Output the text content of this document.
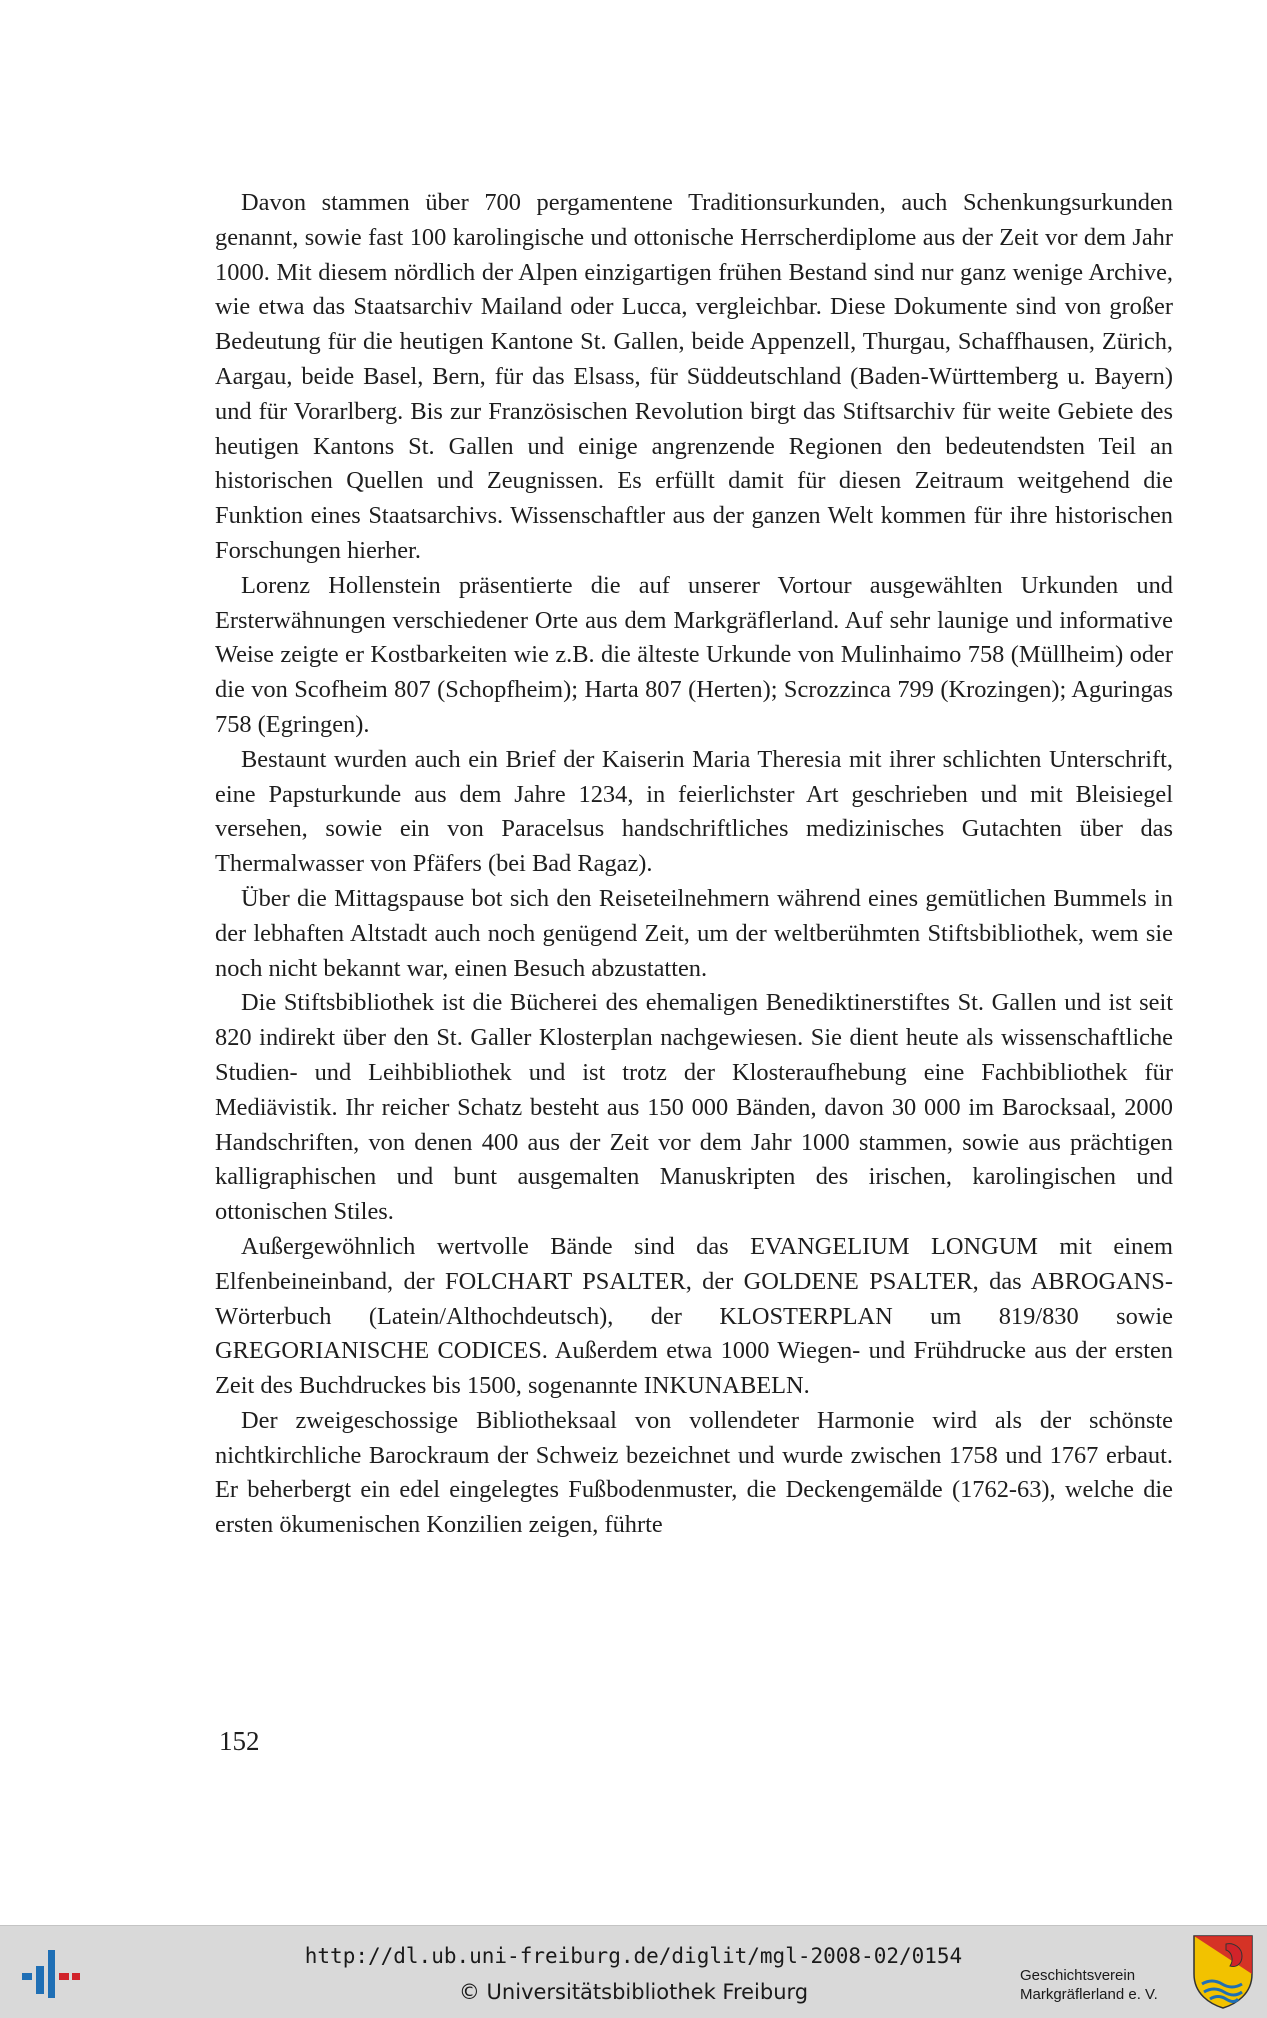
Davon stammen über 700 pergamentene Traditionsurkunden, auch Schenkungsurkunden genannt, sowie fast 100 karolingische und ottonische Herrscherdiplome aus der Zeit vor dem Jahr 1000. Mit diesem nördlich der Alpen einzigartigen frühen Bestand sind nur ganz wenige Archive, wie etwa das Staatsarchiv Mailand oder Lucca, vergleichbar. Diese Dokumente sind von großer Bedeutung für die heutigen Kantone St. Gallen, beide Appenzell, Thurgau, Schaffhausen, Zürich, Aargau, beide Basel, Bern, für das Elsass, für Süddeutschland (Baden-Württemberg u. Bayern) und für Vorarlberg. Bis zur Französischen Revolution birgt das Stiftsarchiv für weite Gebiete des heutigen Kantons St. Gallen und einige angrenzende Regionen den bedeutendsten Teil an historischen Quellen und Zeugnissen. Es erfüllt damit für diesen Zeitraum weitgehend die Funktion eines Staatsarchivs. Wissenschaftler aus der ganzen Welt kommen für ihre historischen Forschungen hierher.

Lorenz Hollenstein präsentierte die auf unserer Vortour ausgewählten Urkunden und Ersterwähnungen verschiedener Orte aus dem Markgräflerland. Auf sehr launige und informative Weise zeigte er Kostbarkeiten wie z.B. die älteste Urkunde von Mulinhaimo 758 (Müllheim) oder die von Scofheim 807 (Schopfheim); Harta 807 (Herten); Scrozzinca 799 (Krozingen); Aguringas 758 (Egringen).

Bestaunt wurden auch ein Brief der Kaiserin Maria Theresia mit ihrer schlichten Unterschrift, eine Papsturkunde aus dem Jahre 1234, in feierlichster Art geschrieben und mit Bleisiegel versehen, sowie ein von Paracelsus handschriftliches medizinisches Gutachten über das Thermalwasser von Pfäfers (bei Bad Ragaz).

Über die Mittagspause bot sich den Reiseteilnehmern während eines gemütlichen Bummels in der lebhaften Altstadt auch noch genügend Zeit, um der weltberühmten Stiftsbibliothek, wem sie noch nicht bekannt war, einen Besuch abzustatten.

Die Stiftsbibliothek ist die Bücherei des ehemaligen Benediktinerstiftes St. Gallen und ist seit 820 indirekt über den St. Galler Klosterplan nachgewiesen. Sie dient heute als wissenschaftliche Studien- und Leihbibliothek und ist trotz der Klosteraufhebung eine Fachbibliothek für Mediävistik. Ihr reicher Schatz besteht aus 150 000 Bänden, davon 30 000 im Barocksaal, 2000 Handschriften, von denen 400 aus der Zeit vor dem Jahr 1000 stammen, sowie aus prächtigen kalligraphischen und bunt ausgemalten Manuskripten des irischen, karolingischen und ottonischen Stiles.

Außergewöhnlich wertvolle Bände sind das EVANGELIUM LONGUM mit einem Elfenbeineinband, der FOLCHART PSALTER, der GOLDENE PSALTER, das ABROGANS-Wörterbuch (Latein/Althochdeutsch), der KLOSTERPLAN um 819/830 sowie GREGORIANISCHE CODICES. Außerdem etwa 1000 Wiegen- und Frühdrucke aus der ersten Zeit des Buchdruckes bis 1500, sogenannte INKUNABELN.

Der zweigeschossige Bibliotheksaal von vollendeter Harmonie wird als der schönste nichtkirchliche Barockraum der Schweiz bezeichnet und wurde zwischen 1758 und 1767 erbaut. Er beherbergt ein edel eingelegtes Fußbodenmuster, die Deckengemälde (1762-63), welche die ersten ökumenischen Konzilien zeigen, führte

152
http://dl.ub.uni-freiburg.de/diglit/mgl-2008-02/0154
© Universitätsbibliothek Freiburg
Geschichtsverein
Markgräflerland e. V.
